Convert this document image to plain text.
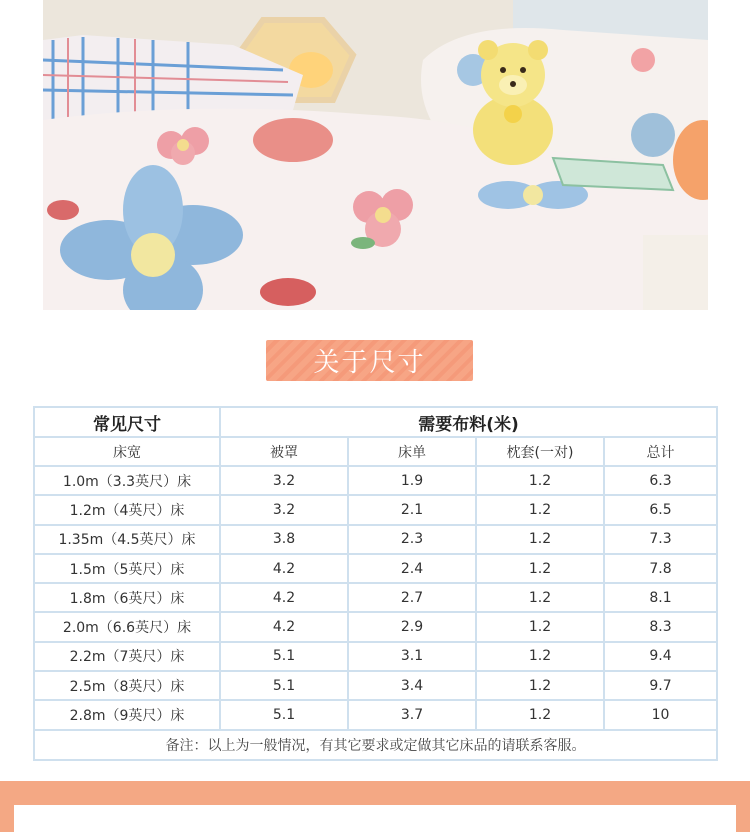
关于尺寸
常见尺寸	需要布料(米)			
床宽	被罩	床单	枕套(一对)	总计
1.0m（3.3英尺）床	3.2	1.9	1.2	6.3
1.2m（4英尺）床	3.2	2.1	1.2	6.5
1.35m（4.5英尺）床	3.8	2.3	1.2	7.3
1.5m（5英尺）床	4.2	2.4	1.2	7.8
1.8m（6英尺）床	4.2	2.7	1.2	8.1
2.0m（6.6英尺）床	4.2	2.9	1.2	8.3
2.2m（7英尺）床	5.1	3.1	1.2	9.4
2.5m（8英尺）床	5.1	3.4	1.2	9.7
2.8m（9英尺）床	5.1	3.7	1.2	10
备注：以上为一般情况，有其它要求或定做其它床品的请联系客服。				
